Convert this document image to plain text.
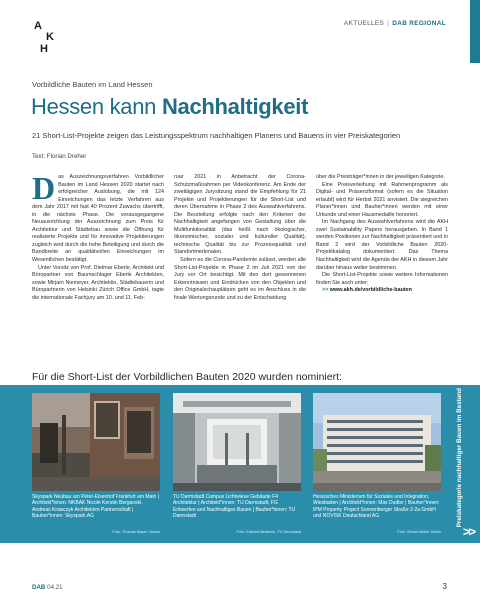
A
K
H
AKTUELLES | DAB REGIONAL
Vorbildliche Bauten im Land Hessen
Hessen kann Nachhaltigkeit
21 Short-List-Projekte zeigen das Leistungsspektrum nachhaltigen Planens und Bauens in vier Preiskategorien
Text: Florian Dreher

Das Auszeichnungsverfahren Vorbildlicher Bauten im Land Hessen 2020 startet nach erfolgreicher Auslobung, die mit 124 Einreichungen das letzte Verfahren aus dem Jahr 2017 mit fast 40 Prozent Zuwachs übertrifft, in die nächste Phase. Die vorausgegangene Neuausrichtung der Auszeichnung zum Preis für Architektur und Städtebau sowie die Öffnung für realisierte Projekte und für innovative Projektierungen zugleich wird durch die hohe Beteiligung und durch die Bandbreite an qualitätvollen Einreichungen im Wesentlichen bestätigt.

Unter Vorsitz von Prof. Dietmar Eberle, Architekt und Büropartner von Baumschlager Eberle Architekten, sowie Mirjam Niemeyer, Architektin, Städtebauerin und Büropartnerin von Helsinki Zürich Office GmbH, tagte die internationale Fachjury am 10. und 11. Feb-

ruar 2021 in Anbetracht der Corona-Schutzmaßnahmen per Videokonferenz. Am Ende der zweitägigen Jurysitzung stand die Empfehlung für 21 Projekte und Projektierungen für die Short-List und deren Übernahme in Phase 2 des Auswahlverfahrens. Die Beurteilung erfolgte nach den Kriterien der Nachhaltigkeit angefangen von Gestaltung über die Multifunktionalität (das heißt nach ökologischer, ökonomischer, sozialer und kultureller Qualität), technische Qualität bis zur Prozessqualität und Standortmerkmalen.

Sofern es die Corona-Pandemie zulässt, werden alle Short-List-Projekte in Phase 2 im Juli 2021 von der Jury vor Ort besichtigt. Mit den dort gewonnenen Erkenntnissen und Eindrücken von den Objekten und den Originalschauplätzen geht es im Anschluss in die finale Wertungsrunde und zu der Entscheidung

über die Preisträger*innen in der jeweiligen Kategorie.

Eine Preisverleihung mit Rahmenprogramm als Digital- und Präsenzformat (sofern es die Situation erlaubt) wird für Herbst 2021 anvisiert. Die siegreichen Planer*innen und Bauher*innen werden mit einer Urkunde und einer Hausmedaille honoriert.

Im Nachgang des Auswahlverfahrens wird die AKH zwei Sustainability Papers herausgeben. In Band 1 werden Positionen zur Nachhaltigkeit präsentiert und in Band 2 wird der Vorbildliche Bauten 2020-Projektkatalog dokumentiert. Das Thema Nachhaltigkeit wird die Agenda der AKH in diesem Jahr darüber hinaus weiter bestimmen.

Die Short-List-Projekte sowie weitere Informationen finden Sie auch unter:

>> www.akh.de/vorbildliche-bauten

Für die Short-List der Vorbildlichen Bauten 2020 wurden nominiert:
Preiskategorie nachhaltiger Bauen im Bestand
>>
Skyspark Neubau am Peter-Eisenhof Frankfurt am Main | Architekt*innen: NKBAK Nicole Kerstin Berganski, Andreas Krawczyk Architekten Partnerschaft | Bauher*innen: Skyspark AG
Foto: Thomas Mayer, Neuss
TU Darmstadt Campus Lichtwiese Gebäude F4 Architektur | Architekt*innen: TU Darmstadt, FG Entwerfen und Nachhaltiges Bauen | Bauher*innen: TU Darmstadt
Foto: Eckhart Beutenm, TU Darmstadt
Hessisches Ministerium für Soziales und Integration, Wiesbaden | Architekt*innen: Max Dudler | Bauher*innen: IPM Property Project Sonnenberger Straße 2-2a GmbH und NOVISK Deutschland AG
Foto: Stefan Müller, Berlin
DAB 04.21	3
